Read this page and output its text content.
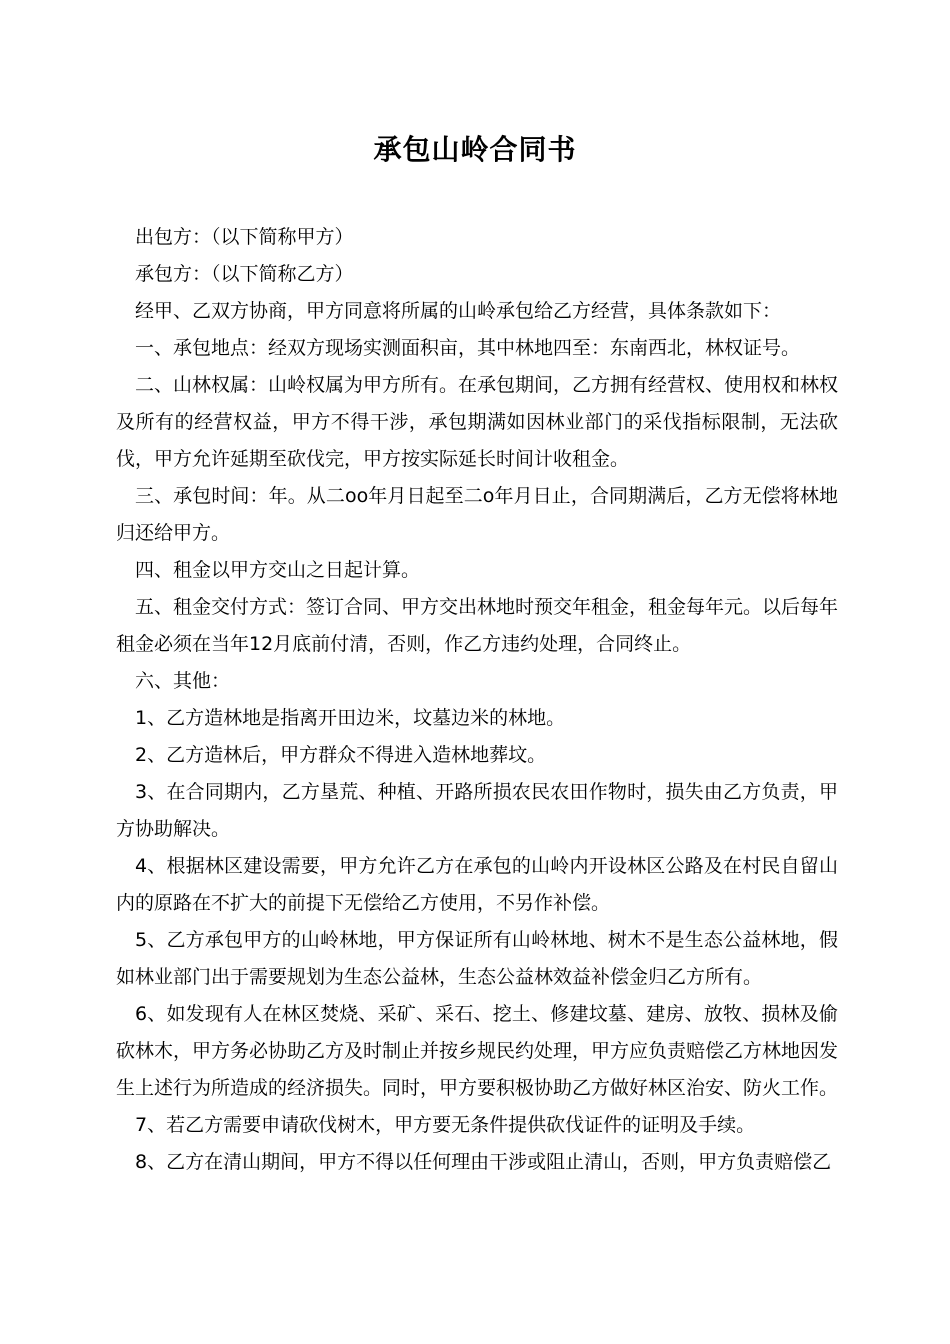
承包山岭合同书

出包方：（以下简称甲方）

承包方：（以下简称乙方）

经甲、乙双方协商，甲方同意将所属的山岭承包给乙方经营，具体条款如下：

一、承包地点：经双方现场实测面积亩，其中林地四至：东南西北，林权证号。

二、山林权属：山岭权属为甲方所有。在承包期间，乙方拥有经营权、使用权和林权及所有的经营权益，甲方不得干涉，承包期满如因林业部门的采伐指标限制，无法砍伐，甲方允许延期至砍伐完，甲方按实际延长时间计收租金。

三、承包时间：年。从二oo年月日起至二o年月日止，合同期满后，乙方无偿将林地归还给甲方。

四、租金以甲方交山之日起计算。

五、租金交付方式：签订合同、甲方交出林地时预交年租金，租金每年元。以后每年租金必须在当年12月底前付清，否则，作乙方违约处理，合同终止。

六、其他：

1、乙方造林地是指离开田边米，坟墓边米的林地。

2、乙方造林后，甲方群众不得进入造林地葬坟。

3、在合同期内，乙方垦荒、种植、开路所损农民农田作物时，损失由乙方负责，甲方协助解决。

4、根据林区建设需要，甲方允许乙方在承包的山岭内开设林区公路及在村民自留山内的原路在不扩大的前提下无偿给乙方使用，不另作补偿。

5、乙方承包甲方的山岭林地，甲方保证所有山岭林地、树木不是生态公益林地，假如林业部门出于需要规划为生态公益林，生态公益林效益补偿金归乙方所有。

6、如发现有人在林区焚烧、采矿、采石、挖土、修建坟墓、建房、放牧、损林及偷砍林木，甲方务必协助乙方及时制止并按乡规民约处理，甲方应负责赔偿乙方林地因发生上述行为所造成的经济损失。同时，甲方要积极协助乙方做好林区治安、防火工作。

7、若乙方需要申请砍伐树木，甲方要无条件提供砍伐证件的证明及手续。

8、乙方在清山期间，甲方不得以任何理由干涉或阻止清山，否则，甲方负责赔偿乙
